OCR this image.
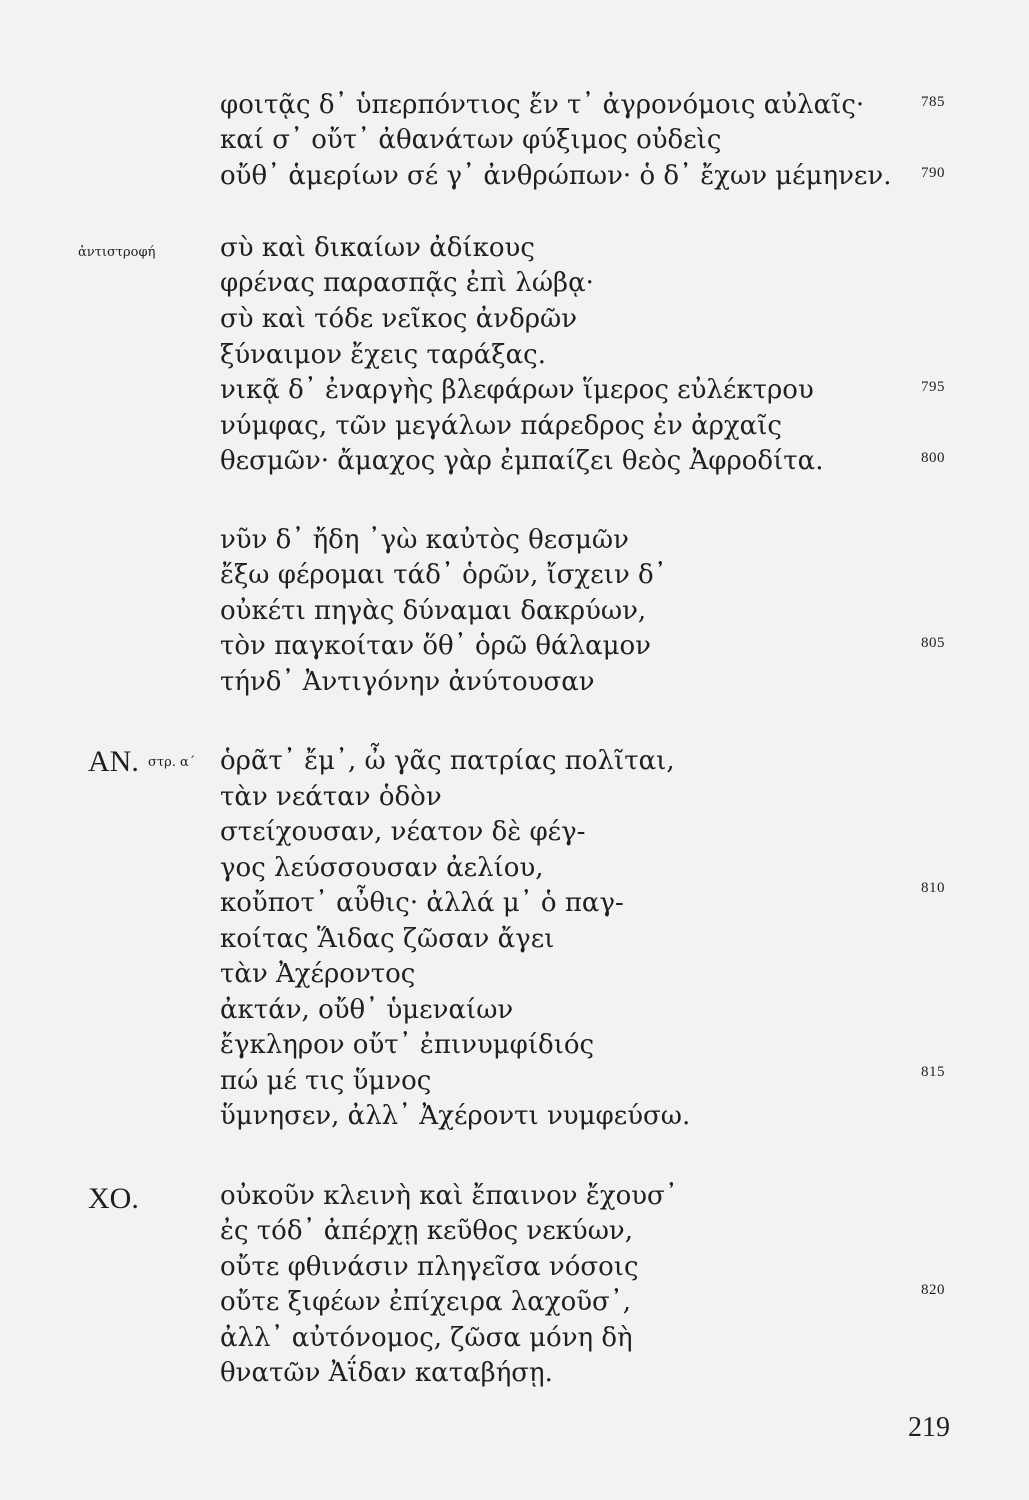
φοιτᾷς δ᾽ ὑπερπόντιος ἔν τ᾽ ἀγρονόμοις αὐλαῖς·
καί σ᾽ οὔτ᾽ ἀθανάτων φύξιμος οὐδεὶς
οὔθ᾽ ἁμερίων σέ γ᾽ ἀνθρώπων· ὁ δ᾽ ἔχων μέμηνεν.
785
790
ἀντιστροφή σὺ καὶ δικαίων ἀδίκους
φρένας παρασπᾷς ἐπὶ λώβᾳ·
σὺ καὶ τόδε νεῖκος ἀνδρῶν
ξύναιμον ἔχεις ταράξας.
νικᾷ δ᾽ ἐναργὴς βλεφάρων ἵμερος εὐλέκτρου
νύμφας, τῶν μεγάλων πάρεδρος ἐν ἀρχαῖς
θεσμῶν· ἄμαχος γὰρ ἐμπαίζει θεὸς Ἀφροδίτα.
795
800
νῦν δ᾽ ἤδη ᾽γὼ καὐτὸς θεσμῶν
ἔξω φέρομαι τάδ᾽ ὁρῶν, ἴσχειν δ᾽
οὐκέτι πηγὰς δύναμαι δακρύων,
τὸν παγκοίταν ὅθ᾽ ὁρῶ θάλαμον
τήνδ᾽ Ἀντιγόνην ἀνύτουσαν
805
AN. στρ. α΄ ὁρᾶτ᾽ ἔμ᾽, ὦ γᾶς πατρίας πολῖται,
τὰν νεάταν ὁδὸν
στείχουσαν, νέατον δὲ φέγ-
γος λεύσσουσαν ἀελίου,
κοὔποτ᾽ αὖθις· ἀλλά μ᾽ ὁ παγ-
κοίτας Ἅιδας ζῶσαν ἄγει
τὰν Ἀχέροντος
ἀκτάν, οὔθ᾽ ὑμεναίων
ἔγκληρον οὔτ᾽ ἐπινυμφίδιός
πώ μέ τις ὕμνος
ὕμνησεν, ἀλλ᾽ Ἀχέροντι νυμφεύσω.
810
815
XO.	οὐκοῦν κλεινὴ καὶ ἔπαινον ἔχουσ᾽
ἐς τόδ᾽ ἀπέρχῃ κεῦθος νεκύων,
οὔτε φθινάσιν πληγεῖσα νόσοις
οὔτε ξιφέων ἐπίχειρα λαχοῦσ᾽,
ἀλλ᾽ αὐτόνομος, ζῶσα μόνη δὴ
θνατῶν Ἀΐδαν καταβήσῃ.
820
219
